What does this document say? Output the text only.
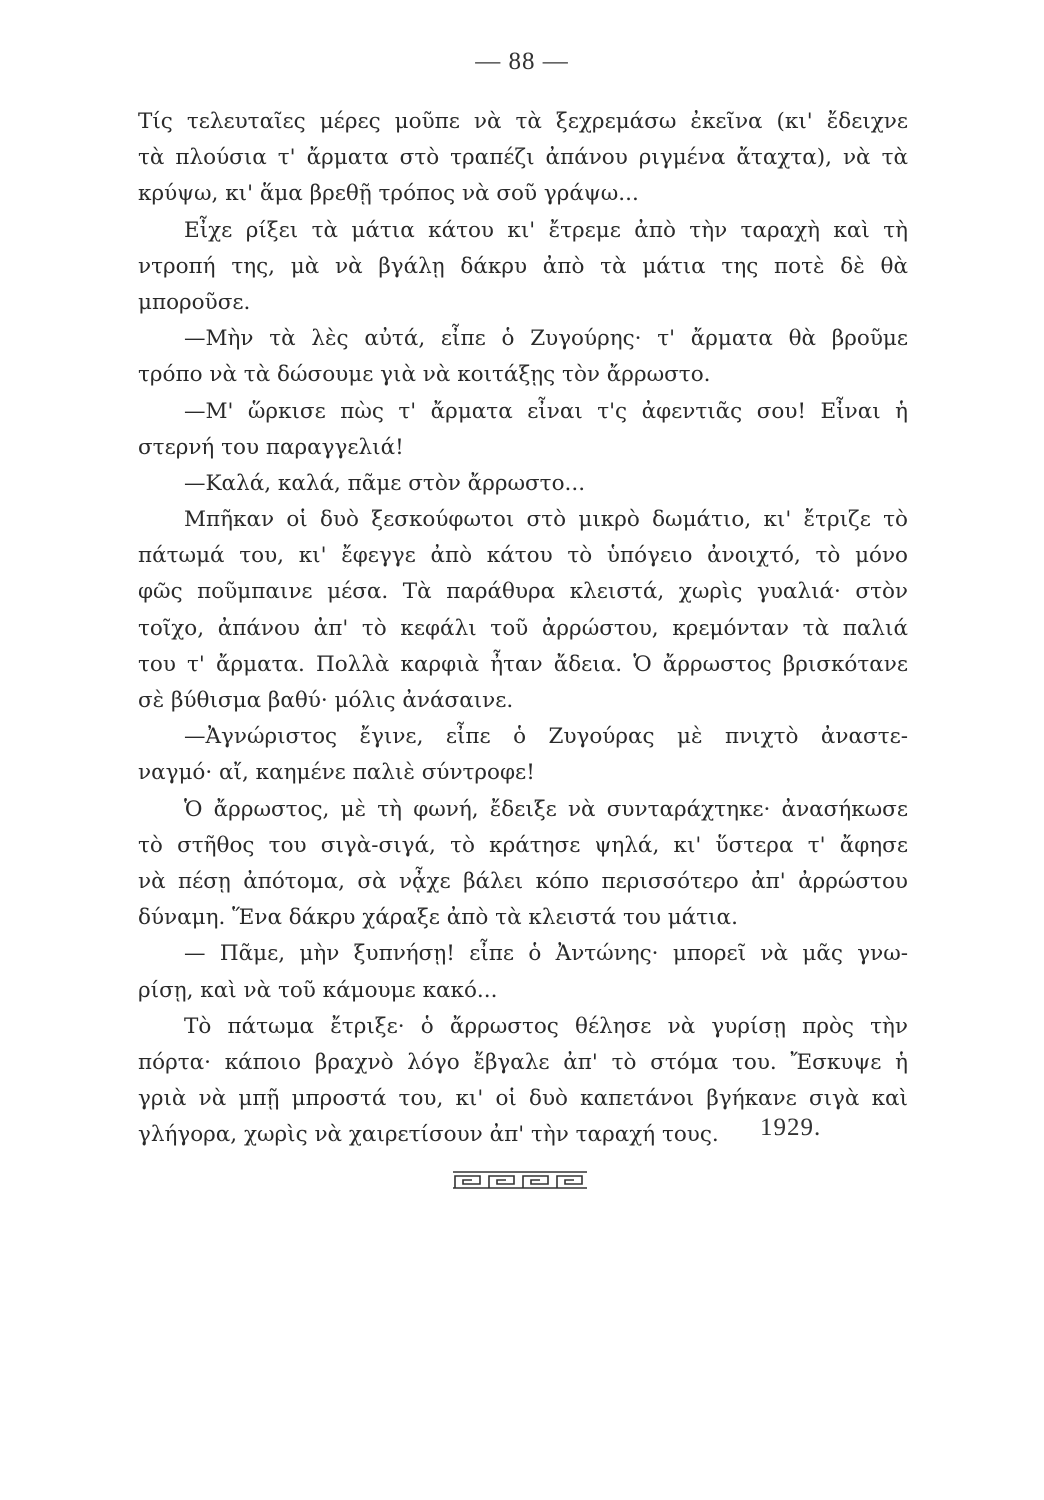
— 88 —
Τίς τελευταῖες μέρες μοῦπε νὰ τὰ ξεχρεμάσω ἐκεῖνα (κι' ἔδειχνε
τὰ πλούσια τ' ἄρματα στὸ τραπέζι ἀπάνου ριγμένα ἄταχτα), νὰ τὰ
κρύψω, κι' ἅμα βρεθῇ τρόπος νὰ σοῦ γράψω...
Εἶχε ρίξει τὰ μάτια κάτου κι' ἔτρεμε ἀπὸ τὴν ταραχὴ καὶ τὴ
ντροπή της, μὰ νὰ βγάλῃ δάκρυ ἀπὸ τὰ μάτια της ποτὲ δὲ θὰ
μποροῦσε.
—Μὴν τὰ λὲς αὐτά, εἶπε ὁ Ζυγούρης· τ' ἄρματα θὰ βροῦμε
τρόπο νὰ τὰ δώσουμε γιὰ νὰ κοιτάξῃς τὸν ἄρρωστο.
—Μ' ὥρκισε πὼς τ' ἄρματα εἶναι τ'ς ἀφεντιᾶς σου! Εἶναι ἡ
στερνή του παραγγελιά!
—Καλά, καλά, πᾶμε στὸν ἄρρωστο...
Μπῆκαν οἱ δυὸ ξεσκούφωτοι στὸ μικρὸ δωμάτιο, κι' ἔτριζε τὸ
πάτωμά του, κι' ἔφεγγε ἀπὸ κάτου τὸ ὑπόγειο ἀνοιχτό, τὸ μόνο
φῶς ποῦμπαινε μέσα. Τὰ παράθυρα κλειστά, χωρὶς γυαλιά· στὸν
τοῖχο, ἀπάνου ἀπ' τὸ κεφάλι τοῦ ἀρρώστου, κρεμόνταν τὰ παλιά
του τ' ἄρματα. Πολλὰ καρφιὰ ἦταν ἄδεια. Ὁ ἄρρωστος βρισκότανε
σὲ βύθισμα βαθύ· μόλις ἀνάσαινε.
—Ἀγνώριστος ἔγινε, εἶπε ὁ Ζυγούρας μὲ πνιχτὸ ἀναστε-
ναγμό· αἴ, καημένε παλιὲ σύντροφε!
Ὁ ἄρρωστος, μὲ τὴ φωνή, ἔδειξε νὰ συνταράχτηκε· ἀνασήκωσε
τὸ στῆθος του σιγὰ-σιγά, τὸ κράτησε ψηλά, κι' ὕστερα τ' ἄφησε
νὰ πέσῃ ἀπότομα, σὰ νᾆχε βάλει κόπο περισσότερο ἀπ' ἀρρώστου
δύναμη. Ἕνα δάκρυ χάραξε ἀπὸ τὰ κλειστά του μάτια.
— Πᾶμε, μὴν ξυπνήσῃ! εἶπε ὁ Ἀντώνης· μπορεῖ νὰ μᾶς γνω-
ρίσῃ, καὶ νὰ τοῦ κάμουμε κακό...
Τὸ πάτωμα ἔτριξε· ὁ ἄρρωστος θέλησε νὰ γυρίσῃ πρὸς τὴν
πόρτα· κάποιο βραχνὸ λόγο ἔβγαλε ἀπ' τὸ στόμα του. Ἔσκυψε ἡ
γριὰ νὰ μπῇ μπροστά του, κι' οἱ δυὸ καπετάνοι βγήκανε σιγὰ καὶ
γλήγορα, χωρὶς νὰ χαιρετίσουν ἀπ' τὴν ταραχή τους.	1929.
